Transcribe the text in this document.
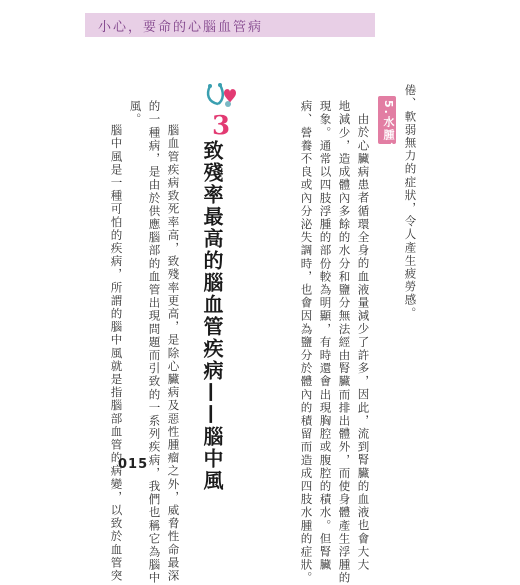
小心，要命的心腦血管病
倦、軟弱無力的症狀，令人產生疲勞感。
5.水腫：
由於心臟病患者循環全身的血液量減少了許多，因此，流到腎臟的血液也會大大
地減少，造成體內多餘的水分和鹽分無法經由腎臟而排出體外，而使身體產生浮腫的
現象。通常以四肢浮腫的部份較為明顯，有時還會出現胸腔或腹腔的積水。但腎臟
病、營養不良或內分泌失調時，也會因為鹽分於體內的積留而造成四肢水腫的症狀。
3
致殘率最高的腦血管疾病——腦中風
腦血管疾病致死率高，致殘率更高，是除心臟病及惡性腫瘤之外，威脅性命最深
的一種病，是由於供應腦部的血管出現問題而引致的一系列疾病，我們也稱它為腦中
風。
腦中風是一種可怕的疾病，所謂的腦中風就是指腦部血管的病變，以致於血管突
015
